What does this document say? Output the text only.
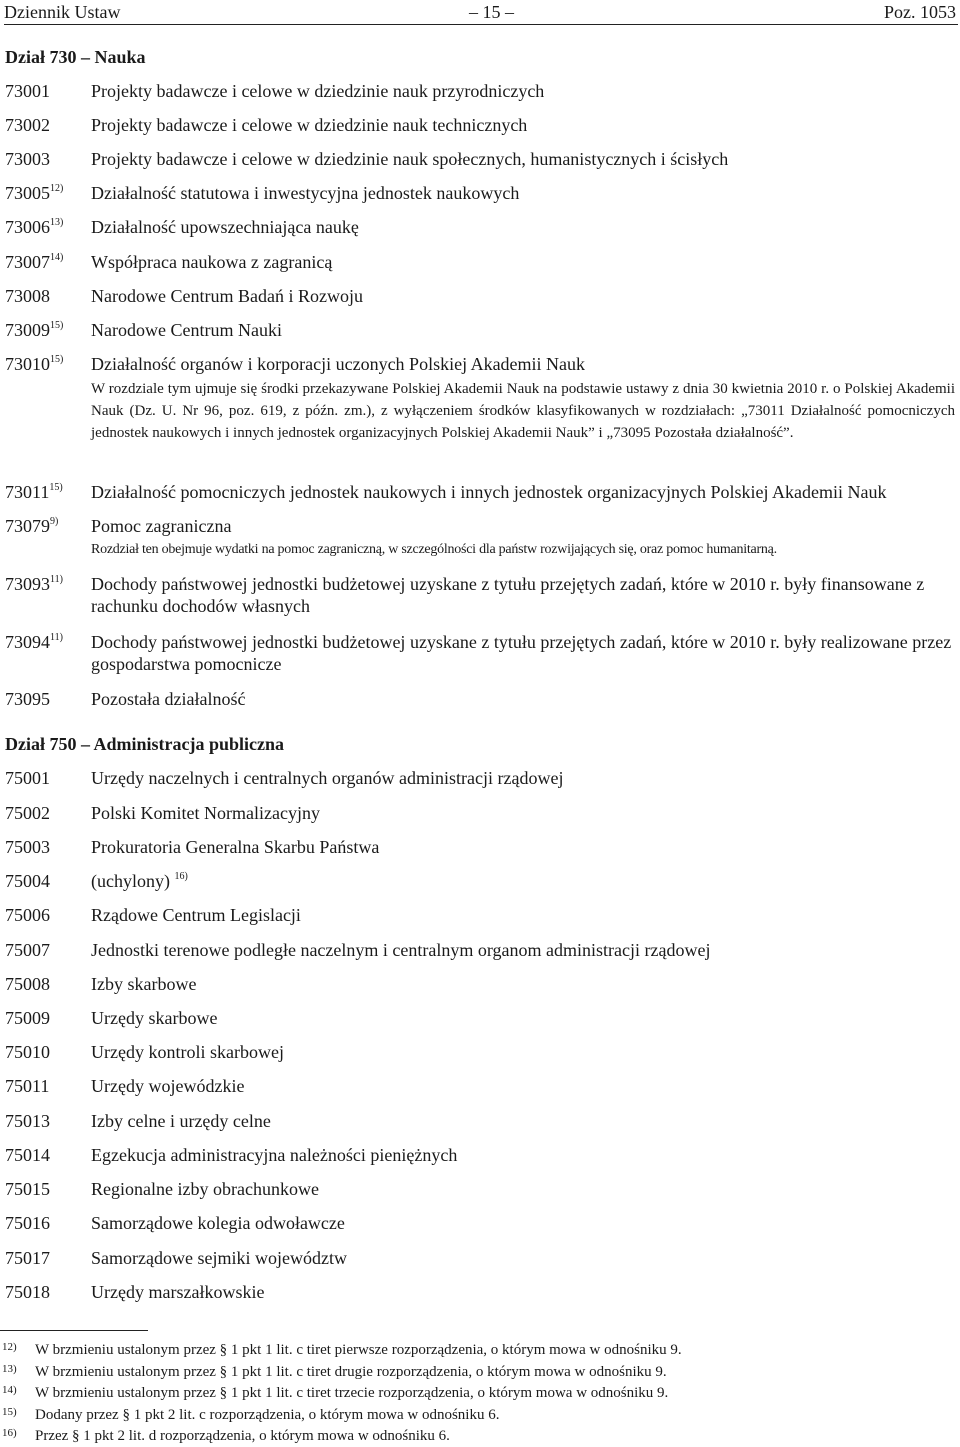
Dziennik Ustaw	– 15 –	Poz. 1053
Dział 730 – Nauka
73001 Projekty badawcze i celowe w dziedzinie nauk przyrodniczych
73002 Projekty badawcze i celowe w dziedzinie nauk technicznych
73003 Projekty badawcze i celowe w dziedzinie nauk społecznych, humanistycznych i ścisłych
73005$^{12)}$ Działalność statutowa i inwestycyjna jednostek naukowych
73006$^{13)}$ Działalność upowszechniająca naukę
73007$^{14)}$ Współpraca naukowa z zagranicą
73008 Narodowe Centrum Badań i Rozwoju
73009$^{15)}$ Narodowe Centrum Nauki
73010$^{15)}$ Działalność organów i korporacji uczonych Polskiej Akademii Nauk
W rozdziale tym ujmuje się środki przekazywane Polskiej Akademii Nauk na podstawie ustawy z dnia 30 kwietnia 2010 r. o Polskiej Akademii Nauk (Dz. U. Nr 96, poz. 619, z późn. zm.), z wyłączeniem środków klasyfikowanych w rozdziałach: „73011 Działalność pomocniczych jednostek naukowych i innych jednostek organizacyjnych Polskiej Akademii Nauk” i „73095 Pozostała działalność”.
73011$^{15)}$ Działalność pomocniczych jednostek naukowych i innych jednostek organizacyjnych Polskiej Akademii Nauk
73079$^{9)}$ Pomoc zagraniczna
Rozdział ten obejmuje wydatki na pomoc zagraniczną, w szczególności dla państw rozwijających się, oraz pomoc humanitarną.
73093$^{11)}$ Dochody państwowej jednostki budżetowej uzyskane z tytułu przejętych zadań, które w 2010 r. były finansowane z rachunku dochodów własnych
73094$^{11)}$ Dochody państwowej jednostki budżetowej uzyskane z tytułu przejętych zadań, które w 2010 r. były realizowane przez gospodarstwa pomocnicze
73095 Pozostała działalność
Dział 750 – Administracja publiczna
75001 Urzędy naczelnych i centralnych organów administracji rządowej
75002 Polski Komitet Normalizacyjny
75003 Prokuratoria Generalna Skarbu Państwa
75004 (uchylony) $^{16)}$
75006 Rządowe Centrum Legislacji
75007 Jednostki terenowe podległe naczelnym i centralnym organom administracji rządowej
75008 Izby skarbowe
75009 Urzędy skarbowe
75010 Urzędy kontroli skarbowej
75011 Urzędy wojewódzkie
75013 Izby celne i urzędy celne
75014 Egzekucja administracyjna należności pieniężnych
75015 Regionalne izby obrachunkowe
75016 Samorządowe kolegia odwoławcze
75017 Samorządowe sejmiki województw
75018 Urzędy marszałkowskie
12) W brzmieniu ustalonym przez § 1 pkt 1 lit. c tiret pierwsze rozporządzenia, o którym mowa w odnośniku 9.
13) W brzmieniu ustalonym przez § 1 pkt 1 lit. c tiret drugie rozporządzenia, o którym mowa w odnośniku 9.
14) W brzmieniu ustalonym przez § 1 pkt 1 lit. c tiret trzecie rozporządzenia, o którym mowa w odnośniku 9.
15) Dodany przez § 1 pkt 2 lit. c rozporządzenia, o którym mowa w odnośniku 6.
16) Przez § 1 pkt 2 lit. d rozporządzenia, o którym mowa w odnośniku 6.
